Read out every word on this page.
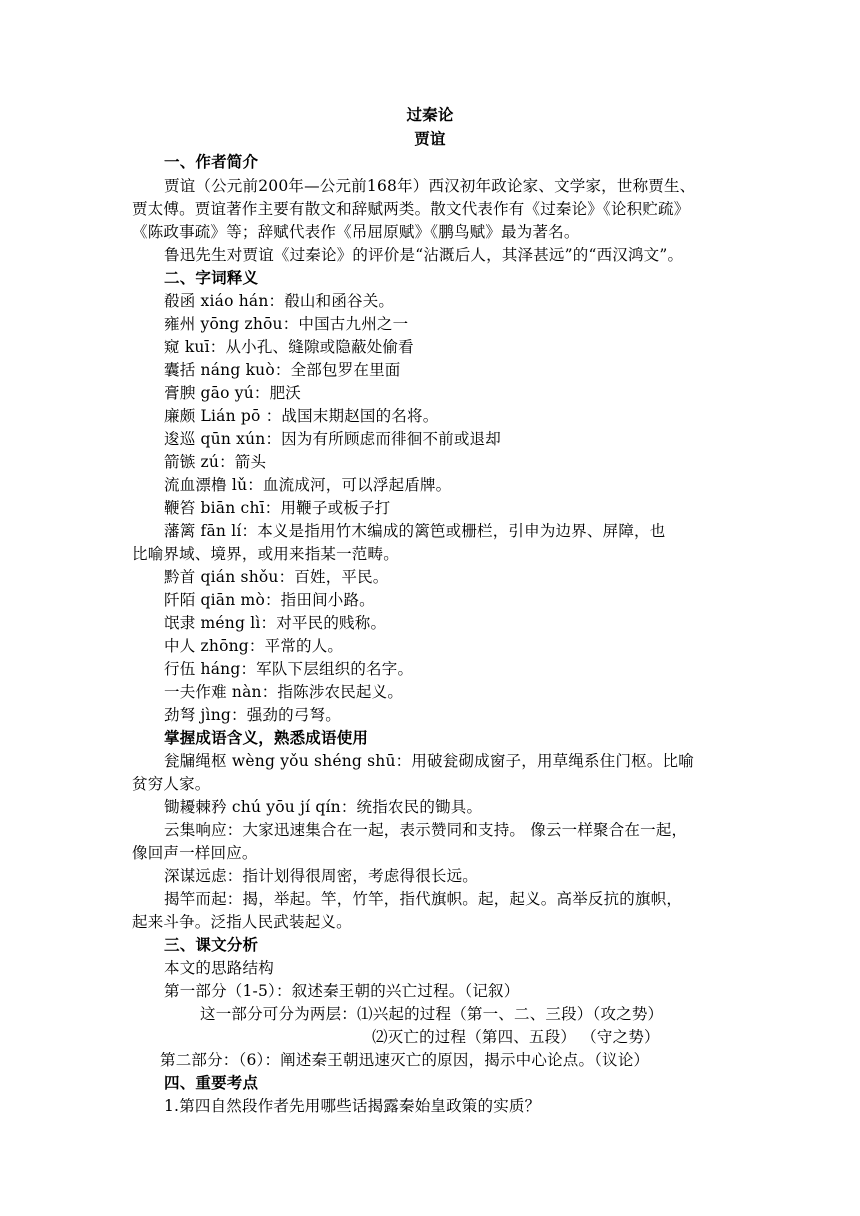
过秦论
贾谊
一、作者简介
贾谊（公元前200年—公元前168年）西汉初年政论家、文学家，世称贾生、
贾太傅。贾谊著作主要有散文和辞赋两类。散文代表作有《过秦论》《论积贮疏》
《陈政事疏》等；辞赋代表作《吊屈原赋》《鹏鸟赋》最为著名。
鲁迅先生对贾谊《过秦论》的评价是“沾溉后人，其泽甚远”的“西汉鸿文”。
二、字词释义
殽函 xiáo hán：殽山和函谷关。
雍州 yōng zhōu：中国古九州之一
窥 kuī：从小孔、缝隙或隐蔽处偷看
囊括 náng kuò：全部包罗在里面
膏腴 gāo yú：肥沃
廉颇 Lián pō ：战国末期赵国的名将。
逡巡 qūn xún：因为有所顾虑而徘徊不前或退却
箭镞 zú：箭头
流血漂橹 lǔ：血流成河，可以浮起盾牌。
鞭笞 biān chī：用鞭子或板子打
藩篱 fān lí：本义是指用竹木编成的篱笆或栅栏，引申为边界、屏障，也
比喻界域、境界，或用来指某一范畴。
黔首 qián shǒu：百姓，平民。
阡陌 qiān mò：指田间小路。
氓隶 méng lì：对平民的贱称。
中人 zhōng：平常的人。
行伍 háng：军队下层组织的名字。
一夫作难 nàn：指陈涉农民起义。
劲弩 jìng：强劲的弓弩。
掌握成语含义，熟悉成语使用
瓮牖绳枢 wèng yǒu shéng shū：用破瓮砌成窗子，用草绳系住门枢。比喻
贫穷人家。
锄耰棘矜 chú yōu jí qín：统指农民的锄具。
云集响应：大家迅速集合在一起，表示赞同和支持。 像云一样聚合在一起，
像回声一样回应。
深谋远虑：指计划得很周密，考虑得很长远。
揭竿而起：揭，举起。竿，竹竿，指代旗帜。起，起义。高举反抗的旗帜，
起来斗争。泛指人民武装起义。
三、课文分析
本文的思路结构
第一部分（1-5）：叙述秦王朝的兴亡过程。（记叙）
这一部分可分为两层：⑴兴起的过程（第一、二、三段）（攻之势）
⑵灭亡的过程（第四、五段） （守之势）
第二部分：（6）：阐述秦王朝迅速灭亡的原因，揭示中心论点。（议论）
四、重要考点
1.第四自然段作者先用哪些话揭露秦始皇政策的实质？
